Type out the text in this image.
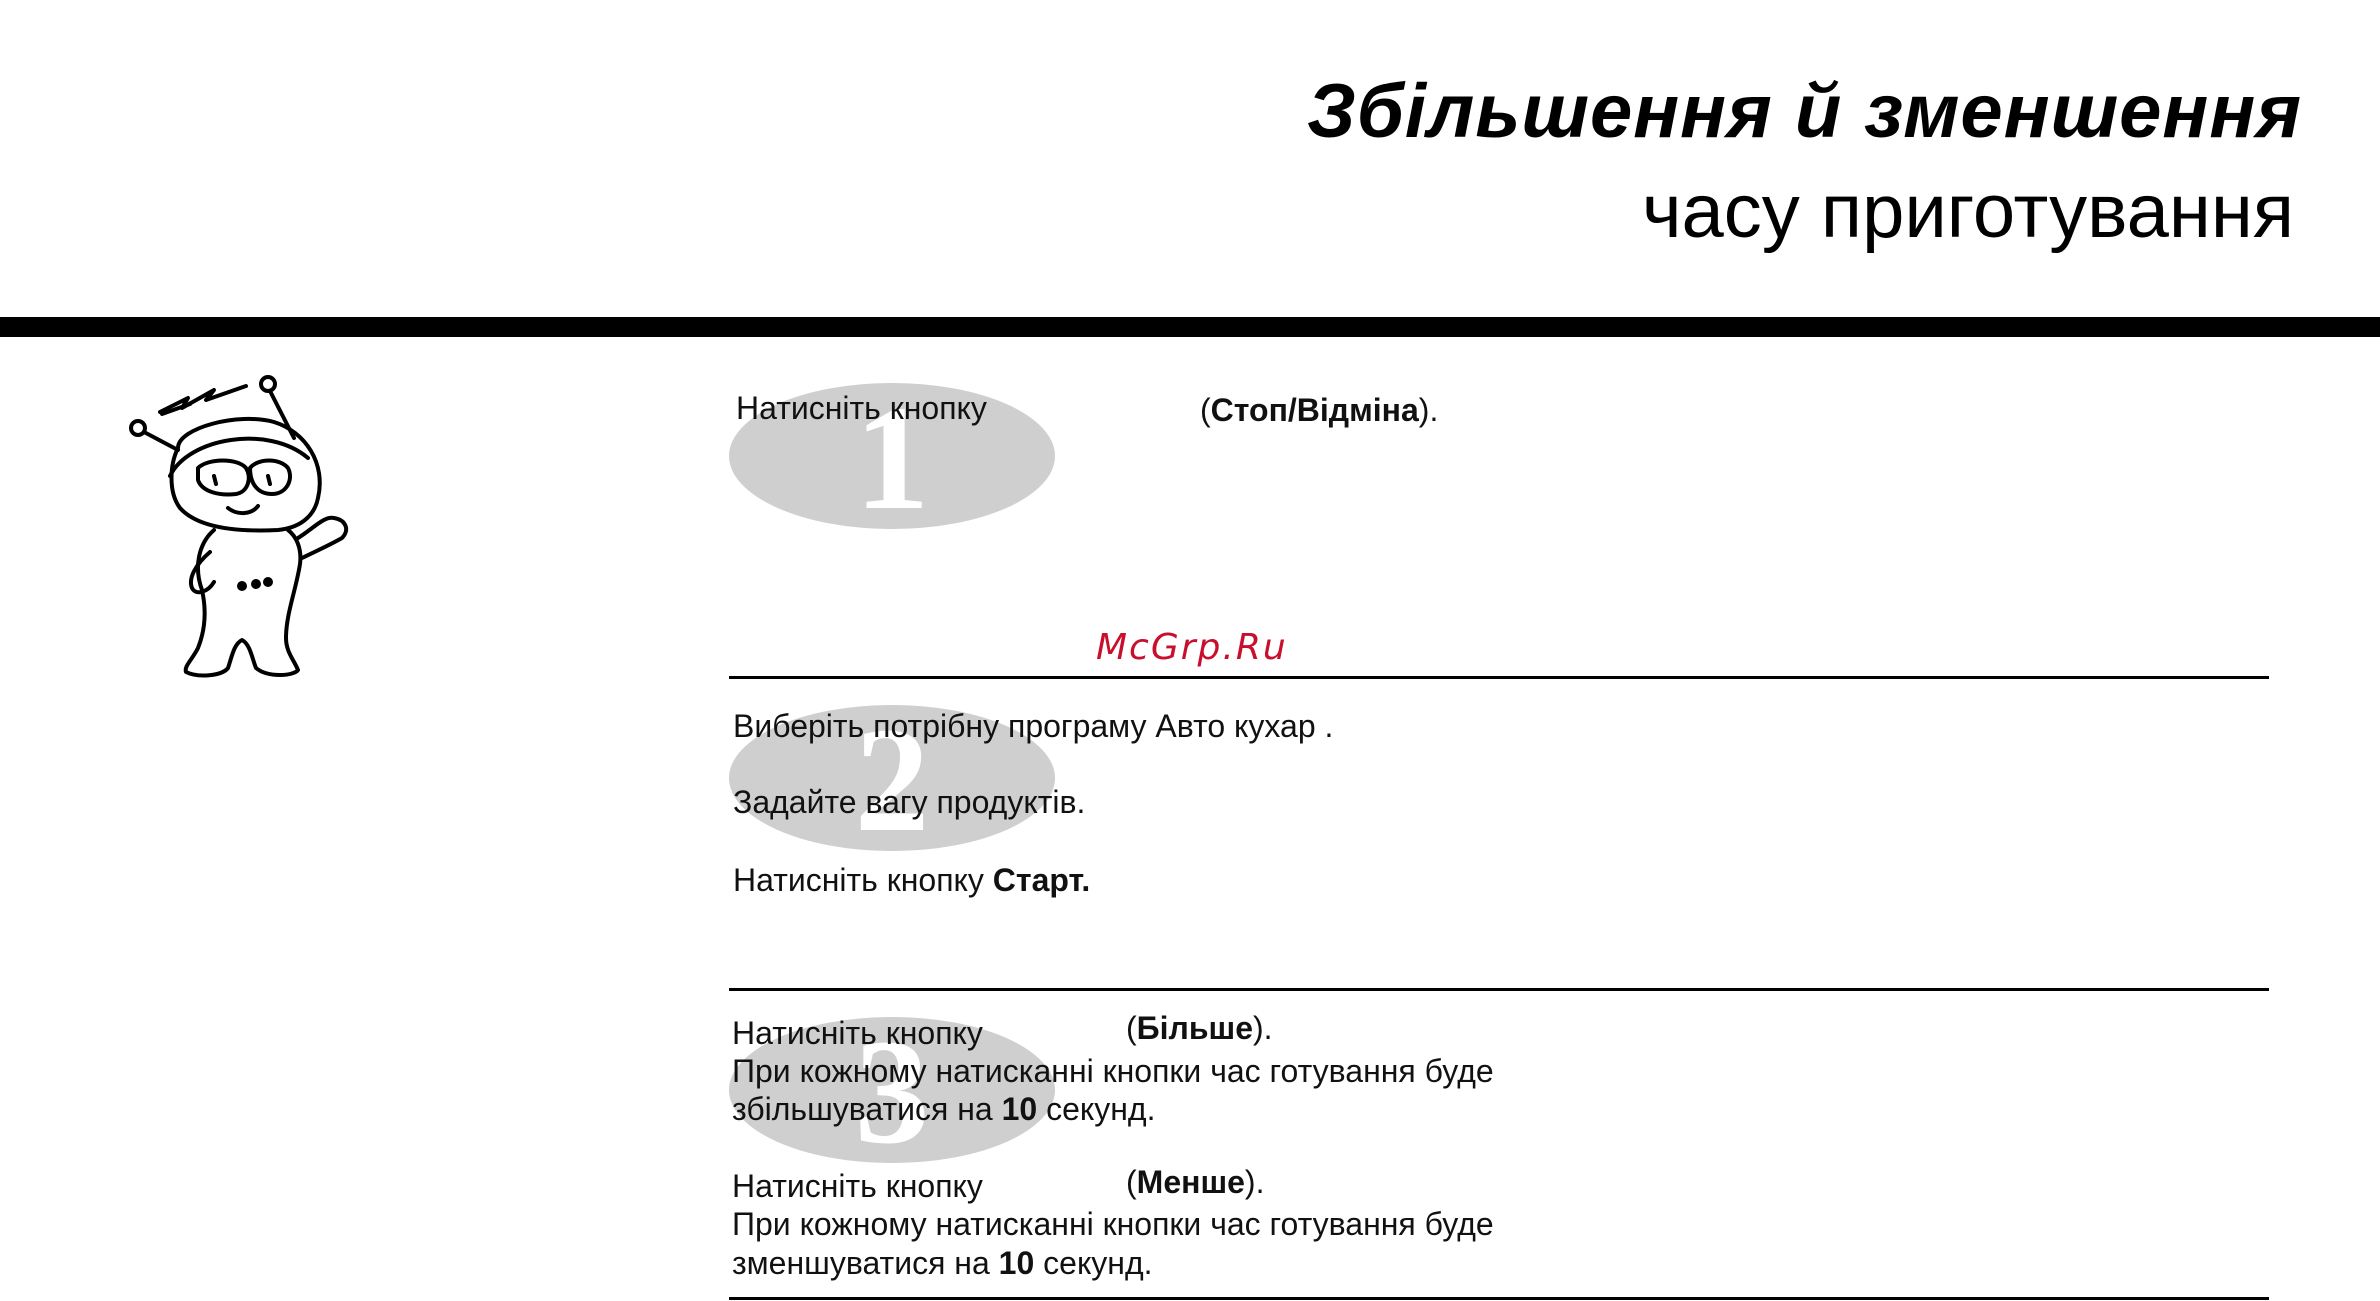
Збільшення й зменшення
часу приготування
McGrp.Ru
1
Натисніть кнопку	(Стоп/Відміна).
2
Виберіть потрібну програму Авто кухар .
Задайте вагу продуктів.
Натисніть кнопку Старт.
3
Натисніть кнопку	(Більше).
При кожному натисканні кнопки час готування буде
збільшуватися на 10 секунд.
Натисніть кнопку	(Менше).
При кожному натисканні кнопки час готування буде
зменшуватися на 10 секунд.
